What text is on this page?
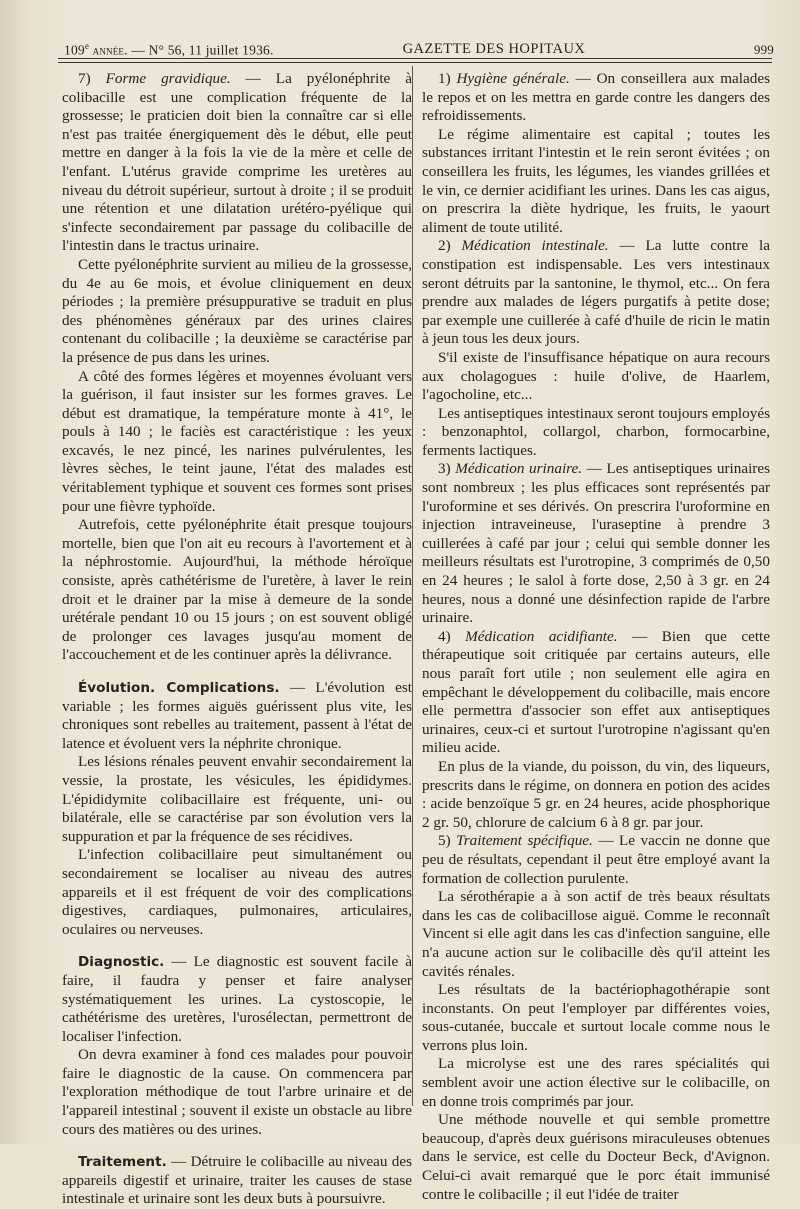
109e année. — N° 56, 11 juillet 1936.	GAZETTE DES HOPITAUX	999

7) Forme gravidique. — La pyélonéphrite à colibacille est une complication fréquente de la grossesse; le praticien doit bien la connaître car si elle n'est pas traitée énergiquement dès le début, elle peut mettre en danger à la fois la vie de la mère et celle de l'enfant. L'utérus gravide comprime les uretères au niveau du détroit supérieur, surtout à droite ; il se produit une rétention et une dilatation urétéro-pyélique qui s'infecte secondairement par passage du colibacille de l'intestin dans le tractus urinaire.

Cette pyélonéphrite survient au milieu de la grossesse, du 4e au 6e mois, et évolue cliniquement en deux périodes ; la première présuppurative se traduit en plus des phénomènes généraux par des urines claires contenant du colibacille ; la deuxième se caractérise par la présence de pus dans les urines.

A côté des formes légères et moyennes évoluant vers la guérison, il faut insister sur les formes graves. Le début est dramatique, la température monte à 41°, le pouls à 140 ; le faciès est caractéristique : les yeux excavés, le nez pincé, les narines pulvérulentes, les lèvres sèches, le teint jaune, l'état des malades est véritablement typhique et souvent ces formes sont prises pour une fièvre typhoïde.

Autrefois, cette pyélonéphrite était presque toujours mortelle, bien que l'on ait eu recours à l'avortement et à la néphrostomie. Aujourd'hui, la méthode héroïque consiste, après cathétérisme de l'uretère, à laver le rein droit et le drainer par la mise à demeure de la sonde urétérale pendant 10 ou 15 jours ; on est souvent obligé de prolonger ces lavages jusqu'au moment de l'accouchement et de les continuer après la délivrance.

Évolution. Complications. — L'évolution est variable ; les formes aiguës guérissent plus vite, les chroniques sont rebelles au traitement, passent à l'état de latence et évoluent vers la néphrite chronique.

Les lésions rénales peuvent envahir secondairement la vessie, la prostate, les vésicules, les épididymes. L'épididymite colibacillaire est fréquente, uni- ou bilatérale, elle se caractérise par son évolution vers la suppuration et par la fréquence de ses récidives.

L'infection colibacillaire peut simultanément ou secondairement se localiser au niveau des autres appareils et il est fréquent de voir des complications digestives, cardiaques, pulmonaires, articulaires, oculaires ou nerveuses.

Diagnostic. — Le diagnostic est souvent facile à faire, il faudra y penser et faire analyser systématiquement les urines. La cystoscopie, le cathétérisme des uretères, l'urosélectan, permettront de localiser l'infection.

On devra examiner à fond ces malades pour pouvoir faire le diagnostic de la cause. On commencera par l'exploration méthodique de tout l'arbre urinaire et de l'appareil intestinal ; souvent il existe un obstacle au libre cours des matières ou des urines.

Traitement. — Détruire le colibacille au niveau des appareils digestif et urinaire, traiter les causes de stase intestinale et urinaire sont les deux buts à poursuivre.

1) Hygiène générale. — On conseillera aux malades le repos et on les mettra en garde contre les dangers des refroidissements.

Le régime alimentaire est capital ; toutes les substances irritant l'intestin et le rein seront évitées ; on conseillera les fruits, les légumes, les viandes grillées et le vin, ce dernier acidifiant les urines. Dans les cas aigus, on prescrira la diète hydrique, les fruits, le yaourt aliment de toute utilité.

2) Médication intestinale. — La lutte contre la constipation est indispensable. Les vers intestinaux seront détruits par la santonine, le thymol, etc... On fera prendre aux malades de légers purgatifs à petite dose; par exemple une cuillerée à café d'huile de ricin le matin à jeun tous les deux jours.

S'il existe de l'insuffisance hépatique on aura recours aux cholagogues : huile d'olive, de Haarlem, l'agocholine, etc...

Les antiseptiques intestinaux seront toujours employés : benzonaphtol, collargol, charbon, formocarbine, ferments lactiques.

3) Médication urinaire. — Les antiseptiques urinaires sont nombreux ; les plus efficaces sont représentés par l'uroformine et ses dérivés. On prescrira l'uroformine en injection intraveineuse, l'uraseptine à prendre 3 cuillerées à café par jour ; celui qui semble donner les meilleurs résultats est l'urotropine, 3 comprimés de 0,50 en 24 heures ; le salol à forte dose, 2,50 à 3 gr. en 24 heures, nous a donné une désinfection rapide de l'arbre urinaire.

4) Médication acidifiante. — Bien que cette thérapeutique soit critiquée par certains auteurs, elle nous paraît fort utile ; non seulement elle agira en empêchant le développement du colibacille, mais encore elle permettra d'associer son effet aux antiseptiques urinaires, ceux-ci et surtout l'urotropine n'agissant qu'en milieu acide.

En plus de la viande, du poisson, du vin, des liqueurs, prescrits dans le régime, on donnera en potion des acides : acide benzoïque 5 gr. en 24 heures, acide phosphorique 2 gr. 50, chlorure de calcium 6 à 8 gr. par jour.

5) Traitement spécifique. — Le vaccin ne donne que peu de résultats, cependant il peut être employé avant la formation de collection purulente.

La sérothérapie a à son actif de très beaux résultats dans les cas de colibacillose aiguë. Comme le reconnaît Vincent si elle agit dans les cas d'infection sanguine, elle n'a aucune action sur le colibacille dès qu'il atteint les cavités rénales.

Les résultats de la bactériophagothérapie sont inconstants. On peut l'employer par différentes voies, sous-cutanée, buccale et surtout locale comme nous le verrons plus loin.

La microlyse est une des rares spécialités qui semblent avoir une action élective sur le colibacille, on en donne trois comprimés par jour.

Une méthode nouvelle et qui semble promettre beaucoup, d'après deux guérisons miraculeuses obtenues dans le service, est celle du Docteur Beck, d'Avignon. Celui-ci avait remarqué que le porc était immunisé contre le colibacille ; il eut l'idée de traiter
